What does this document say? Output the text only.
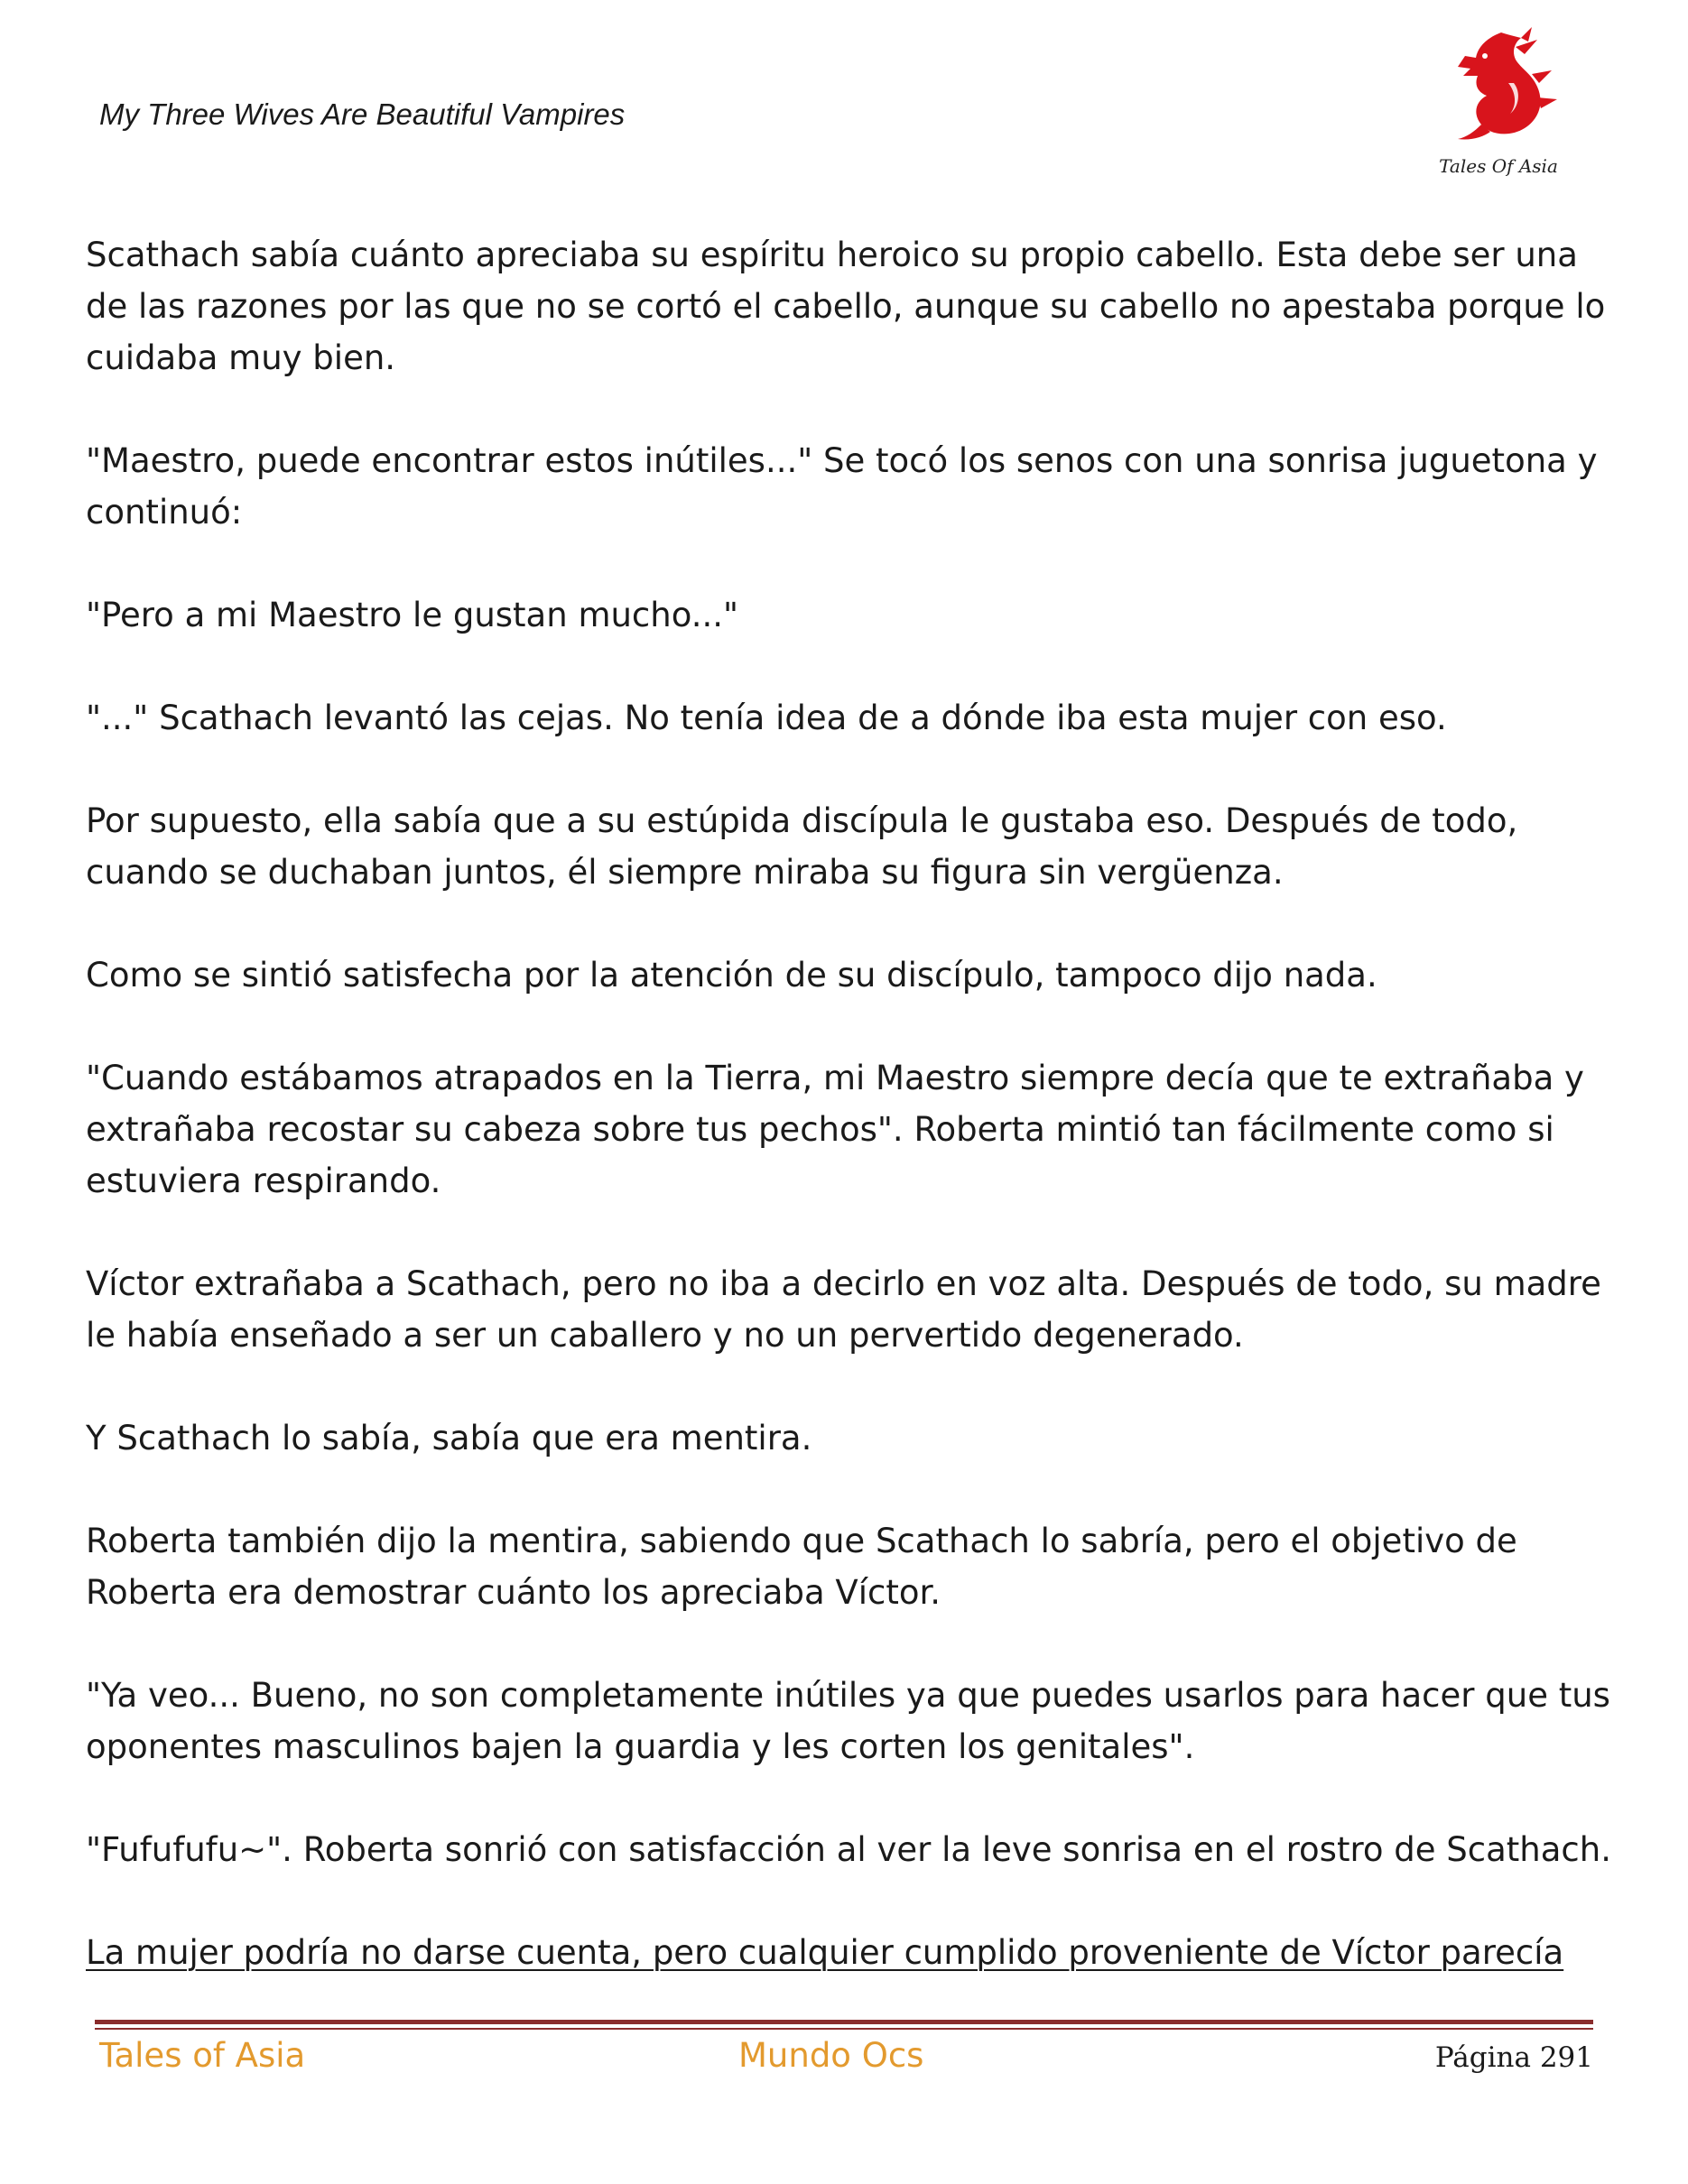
My Three Wives Are Beautiful Vampires
Tales Of Asia

Scathach sabía cuánto apreciaba su espíritu heroico su propio cabello. Esta debe ser una de las razones por las que no se cortó el cabello, aunque su cabello no apestaba porque lo cuidaba muy bien.

"Maestro, puede encontrar estos inútiles..." Se tocó los senos con una sonrisa juguetona y continuó:

"Pero a mi Maestro le gustan mucho..."

"..." Scathach levantó las cejas. No tenía idea de a dónde iba esta mujer con eso.

Por supuesto, ella sabía que a su estúpida discípula le gustaba eso. Después de todo, cuando se duchaban juntos, él siempre miraba su figura sin vergüenza.

Como se sintió satisfecha por la atención de su discípulo, tampoco dijo nada.

"Cuando estábamos atrapados en la Tierra, mi Maestro siempre decía que te extrañaba y extrañaba recostar su cabeza sobre tus pechos". Roberta mintió tan fácilmente como si estuviera respirando.

Víctor extrañaba a Scathach, pero no iba a decirlo en voz alta. Después de todo, su madre le había enseñado a ser un caballero y no un pervertido degenerado.

Y Scathach lo sabía, sabía que era mentira.

Roberta también dijo la mentira, sabiendo que Scathach lo sabría, pero el objetivo de Roberta era demostrar cuánto los apreciaba Víctor.

"Ya veo... Bueno, no son completamente inútiles ya que puedes usarlos para hacer que tus oponentes masculinos bajen la guardia y les corten los genitales".

"Fufufufu~". Roberta sonrió con satisfacción al ver la leve sonrisa en el rostro de Scathach.

La mujer podría no darse cuenta, pero cualquier cumplido proveniente de Víctor parecía

Tales of Asia	Mundo Ocs	Página 291
